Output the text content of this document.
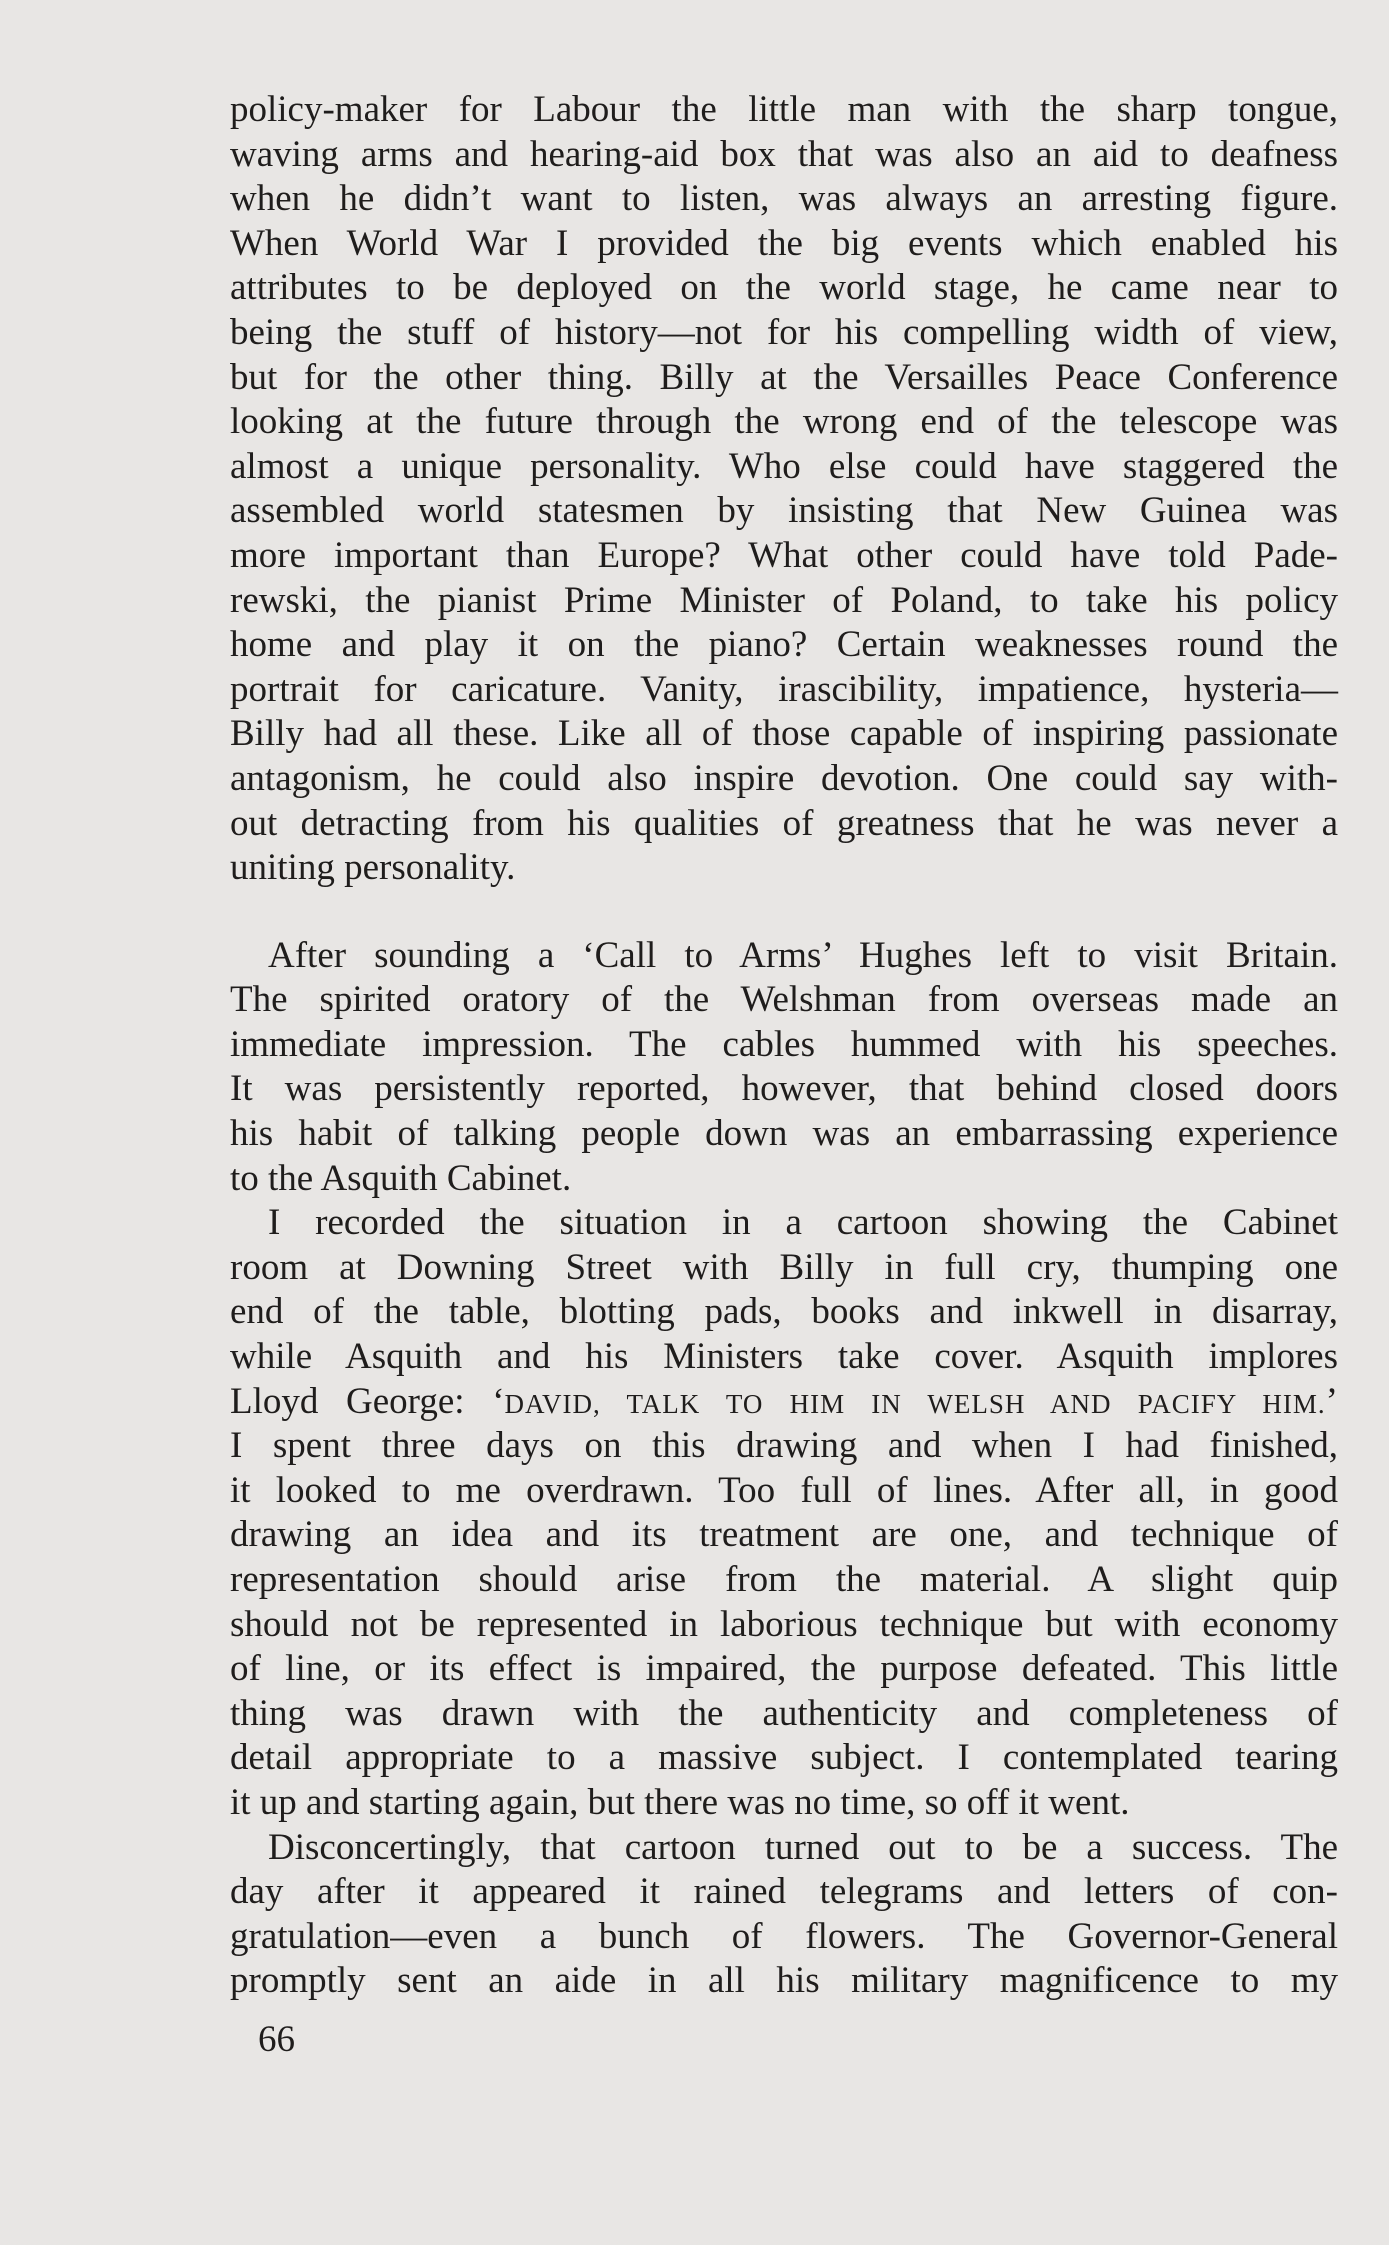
policy-maker for Labour the little man with the sharp tongue,
waving arms and hearing-aid box that was also an aid to deafness
when he didn’t want to listen, was always an arresting figure.
When World War I provided the big events which enabled his
attributes to be deployed on the world stage, he came near to
being the stuff of history—not for his compelling width of view,
but for the other thing. Billy at the Versailles Peace Conference
looking at the future through the wrong end of the telescope was
almost a unique personality. Who else could have staggered the
assembled world statesmen by insisting that New Guinea was
more important than Europe? What other could have told Pade-
rewski, the pianist Prime Minister of Poland, to take his policy
home and play it on the piano? Certain weaknesses round the
portrait for caricature. Vanity, irascibility, impatience, hysteria—
Billy had all these. Like all of those capable of inspiring passionate
antagonism, he could also inspire devotion. One could say with-
out detracting from his qualities of greatness that he was never a
uniting personality.
After sounding a ‘Call to Arms’ Hughes left to visit Britain.
The spirited oratory of the Welshman from overseas made an
immediate impression. The cables hummed with his speeches.
It was persistently reported, however, that behind closed doors
his habit of talking people down was an embarrassing experience
to the Asquith Cabinet.
I recorded the situation in a cartoon showing the Cabinet
room at Downing Street with Billy in full cry, thumping one
end of the table, blotting pads, books and inkwell in disarray,
while Asquith and his Ministers take cover. Asquith implores
Lloyd George: ‘DAVID, TALK TO HIM IN WELSH AND PACIFY HIM.’
I spent three days on this drawing and when I had finished,
it looked to me overdrawn. Too full of lines. After all, in good
drawing an idea and its treatment are one, and technique of
representation should arise from the material. A slight quip
should not be represented in laborious technique but with economy
of line, or its effect is impaired, the purpose defeated. This little
thing was drawn with the authenticity and completeness of
detail appropriate to a massive subject. I contemplated tearing
it up and starting again, but there was no time, so off it went.
Disconcertingly, that cartoon turned out to be a success. The
day after it appeared it rained telegrams and letters of con-
gratulation—even a bunch of flowers. The Governor-General
promptly sent an aide in all his military magnificence to my
66
